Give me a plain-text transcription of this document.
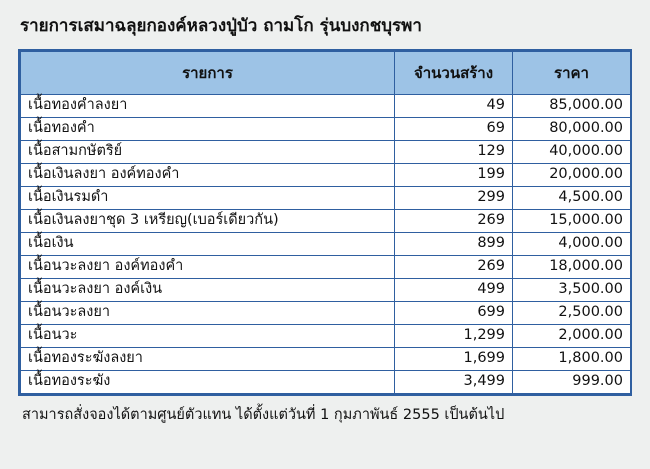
รายการเสมาฉลุยกองค์หลวงปู่บัว ถามโก รุ่นบงกชบุรพา
รายการ	จำนวนสร้าง	ราคา
เนื้อทองคำลงยา	49	85,000.00
เนื้อทองคำ	69	80,000.00
เนื้อสามกษัตริย์	129	40,000.00
เนื้อเงินลงยา องค์ทองคำ	199	20,000.00
เนื้อเงินรมดำ	299	4,500.00
เนื้อเงินลงยาชุด 3 เหรียญ(เบอร์เดียวกัน)	269	15,000.00
เนื้อเงิน	899	4,000.00
เนื้อนวะลงยา องค์ทองคำ	269	18,000.00
เนื้อนวะลงยา องค์เงิน	499	3,500.00
เนื้อนวะลงยา	699	2,500.00
เนื้อนวะ	1,299	2,000.00
เนื้อทองระฆังลงยา	1,699	1,800.00
เนื้อทองระฆัง	3,499	999.00
สามารถสั่งจองได้ตามศูนย์ตัวแทน ได้ตั้งแต่วันที่ 1 กุมภาพันธ์ 2555 เป็นต้นไป
